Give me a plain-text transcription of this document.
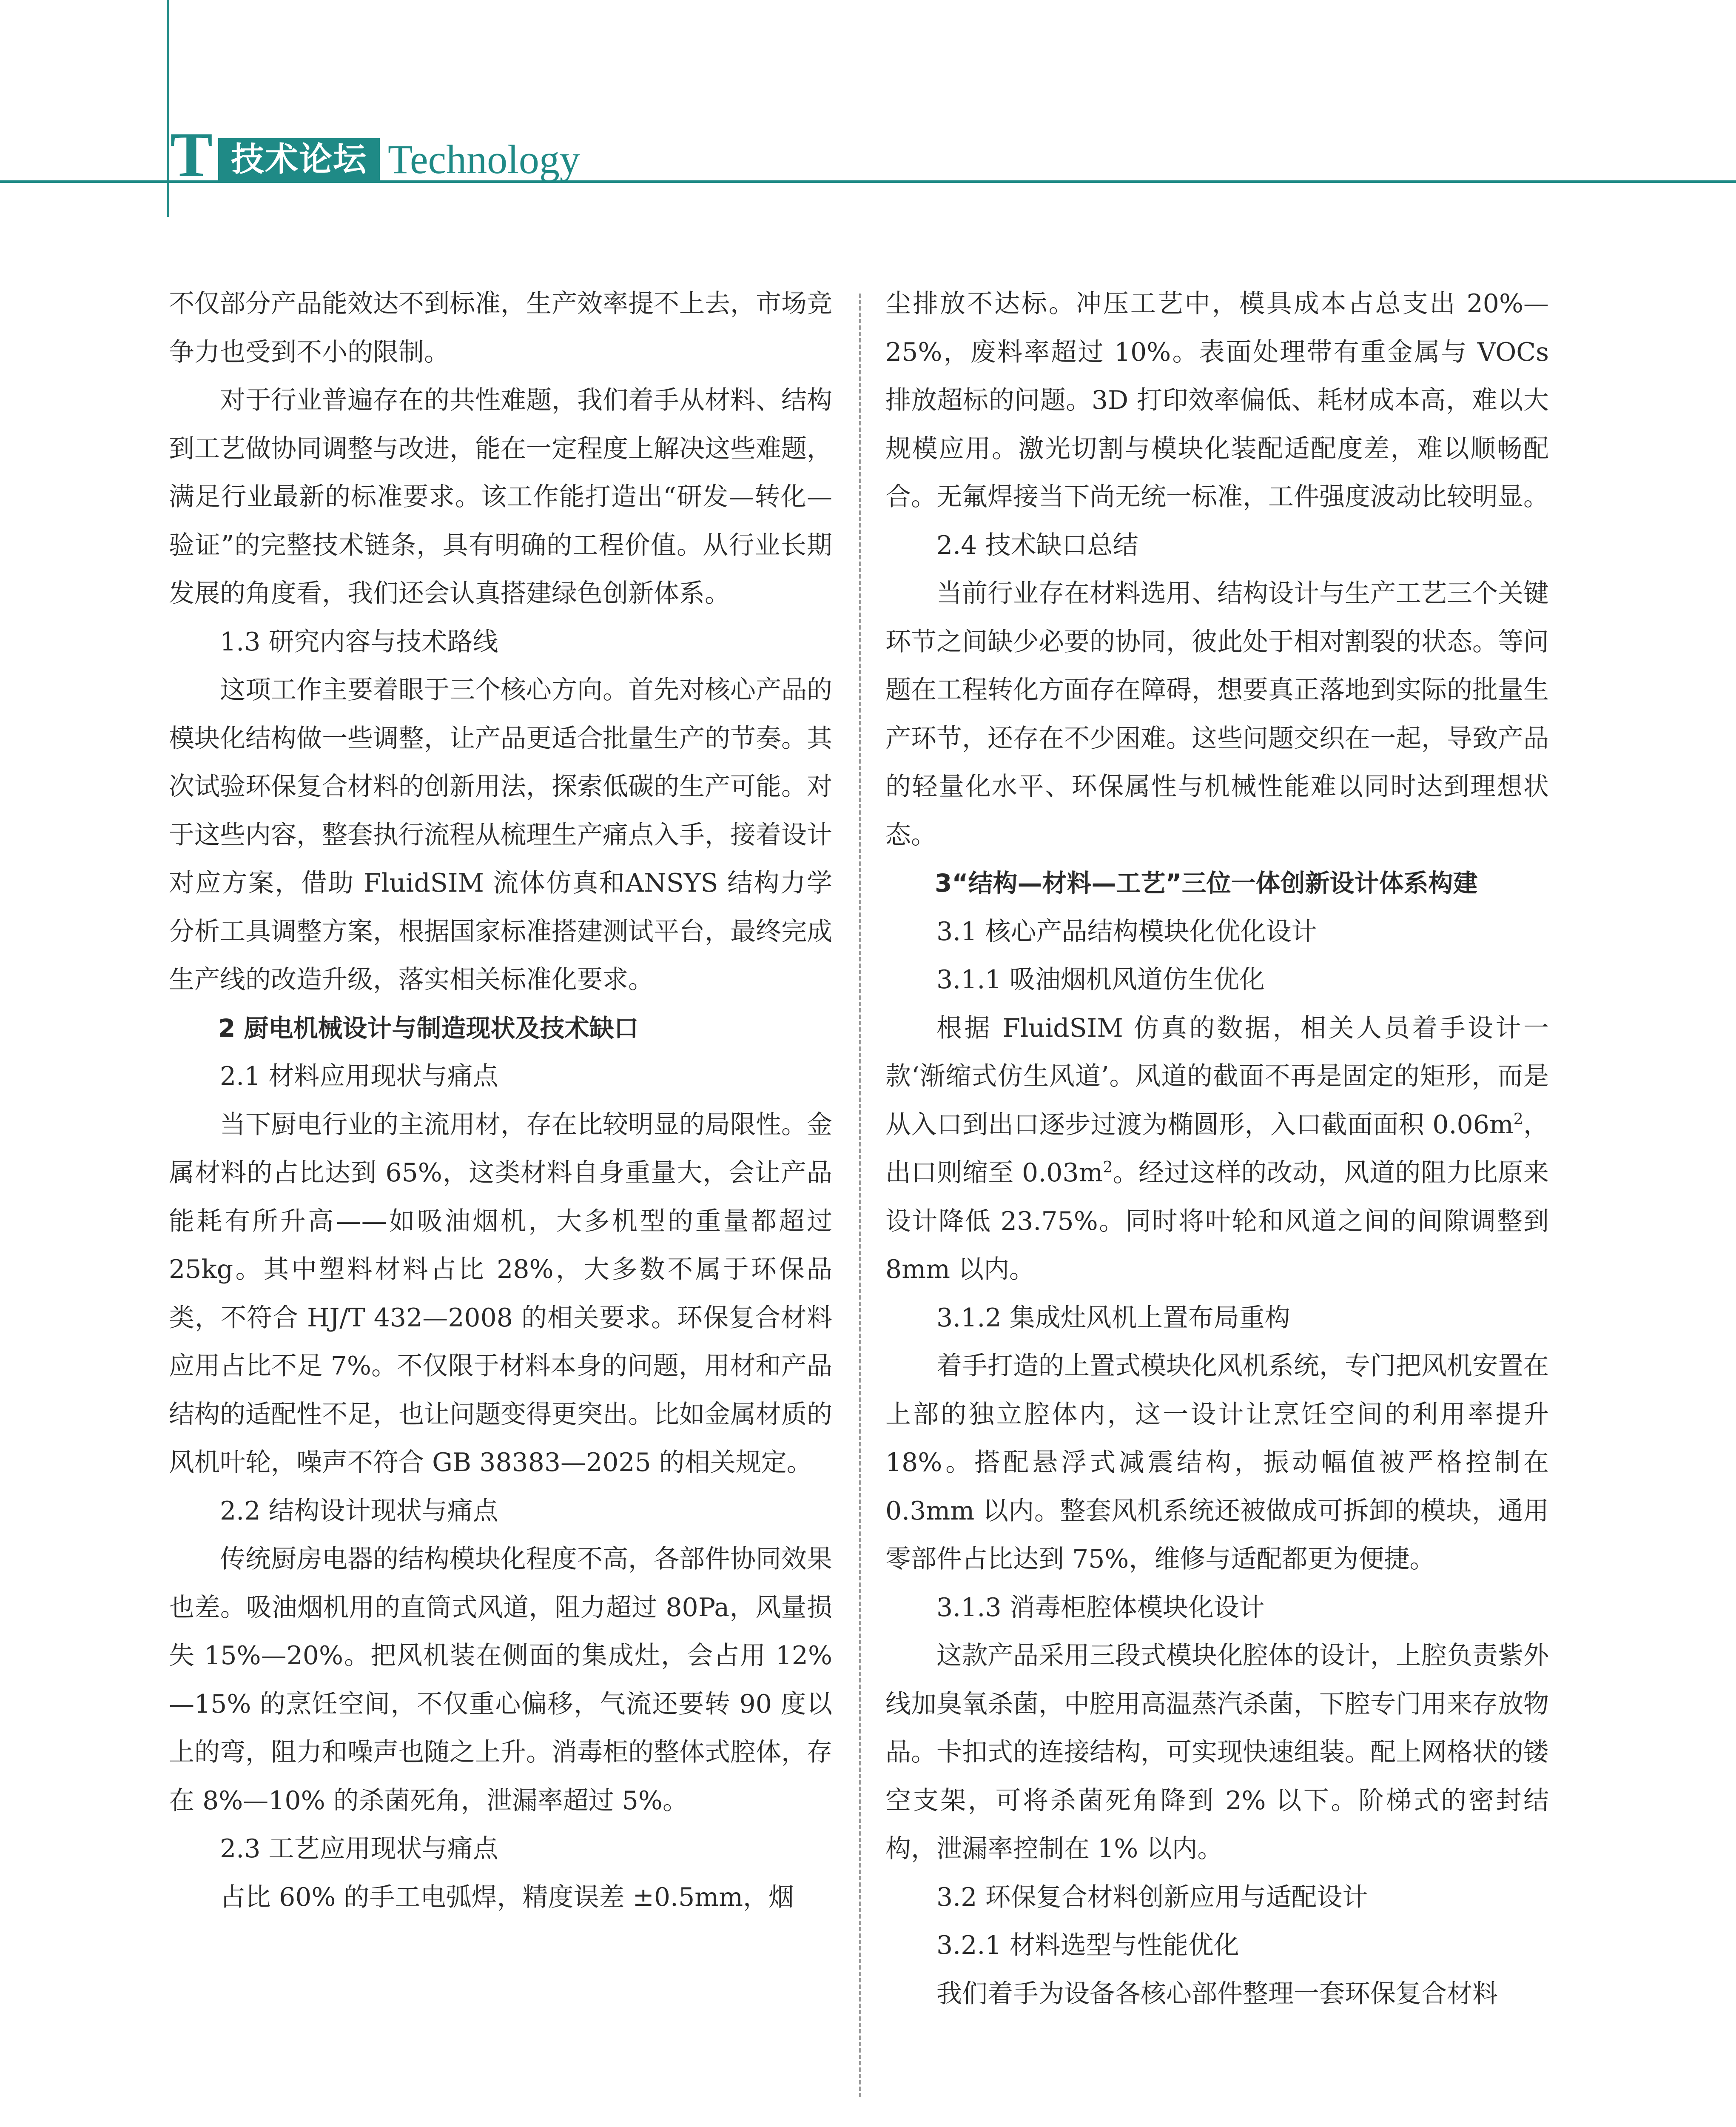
T 技术论坛 Technology

不仅部分产品能效达不到标准，生产效率提不上去，市场竞争力也受到不小的限制。

对于行业普遍存在的共性难题，我们着手从材料、结构到工艺做协同调整与改进，能在一定程度上解决这些难题，满足行业最新的标准要求。该工作能打造出“研发—转化—验证”的完整技术链条，具有明确的工程价值。从行业长期发展的角度看，我们还会认真搭建绿色创新体系。

1.3 研究内容与技术路线

这项工作主要着眼于三个核心方向。首先对核心产品的模块化结构做一些调整，让产品更适合批量生产的节奏。其次试验环保复合材料的创新用法，探索低碳的生产可能。对于这些内容，整套执行流程从梳理生产痛点入手，接着设计对应方案，借助 FluidSIM 流体仿真和ANSYS 结构力学分析工具调整方案，根据国家标准搭建测试平台，最终完成生产线的改造升级，落实相关标准化要求。

2 厨电机械设计与制造现状及技术缺口

2.1 材料应用现状与痛点

当下厨电行业的主流用材，存在比较明显的局限性。金属材料的占比达到 65%，这类材料自身重量大，会让产品能耗有所升高——如吸油烟机，大多机型的重量都超过 25kg。其中塑料材料占比 28%，大多数不属于环保品类，不符合 HJ/T 432—2008 的相关要求。环保复合材料应用占比不足 7%。不仅限于材料本身的问题，用材和产品结构的适配性不足，也让问题变得更突出。比如金属材质的风机叶轮，噪声不符合 GB 38383—2025 的相关规定。

2.2 结构设计现状与痛点

传统厨房电器的结构模块化程度不高，各部件协同效果也差。吸油烟机用的直筒式风道，阻力超过 80Pa，风量损失 15%—20%。把风机装在侧面的集成灶，会占用 12%—15% 的烹饪空间，不仅重心偏移，气流还要转 90 度以上的弯，阻力和噪声也随之上升。消毒柜的整体式腔体，存在 8%—10% 的杀菌死角，泄漏率超过 5%。

2.3 工艺应用现状与痛点

占比 60% 的手工电弧焊，精度误差 ±0.5mm，烟

尘排放不达标。冲压工艺中，模具成本占总支出 20%—25%，废料率超过 10%。表面处理带有重金属与 VOCs 排放超标的问题。3D 打印效率偏低、耗材成本高，难以大规模应用。激光切割与模块化装配适配度差，难以顺畅配合。无氟焊接当下尚无统一标准，工件强度波动比较明显。

2.4 技术缺口总结

当前行业存在材料选用、结构设计与生产工艺三个关键环节之间缺少必要的协同，彼此处于相对割裂的状态。等问题在工程转化方面存在障碍，想要真正落地到实际的批量生产环节，还存在不少困难。这些问题交织在一起，导致产品的轻量化水平、环保属性与机械性能难以同时达到理想状态。

3“结构—材料—工艺”三位一体创新设计体系构建

3.1 核心产品结构模块化优化设计

3.1.1 吸油烟机风道仿生优化

根据 FluidSIM 仿真的数据，相关人员着手设计一款‘渐缩式仿生风道’。风道的截面不再是固定的矩形，而是从入口到出口逐步过渡为椭圆形，入口截面面积 $0.06m^2$，出口则缩至 $0.03m^2$。经过这样的改动，风道的阻力比原来设计降低 23.75%。同时将叶轮和风道之间的间隙调整到 8mm 以内。

3.1.2 集成灶风机上置布局重构

着手打造的上置式模块化风机系统，专门把风机安置在上部的独立腔体内，这一设计让烹饪空间的利用率提升 18%。搭配悬浮式减震结构，振动幅值被严格控制在 0.3mm 以内。整套风机系统还被做成可拆卸的模块，通用零部件占比达到 75%，维修与适配都更为便捷。

3.1.3 消毒柜腔体模块化设计

这款产品采用三段式模块化腔体的设计，上腔负责紫外线加臭氧杀菌，中腔用高温蒸汽杀菌，下腔专门用来存放物品。卡扣式的连接结构，可实现快速组装。配上网格状的镂空支架，可将杀菌死角降到 2% 以下。阶梯式的密封结构，泄漏率控制在 1% 以内。

3.2 环保复合材料创新应用与适配设计

3.2.1 材料选型与性能优化

我们着手为设备各核心部件整理一套环保复合材料
